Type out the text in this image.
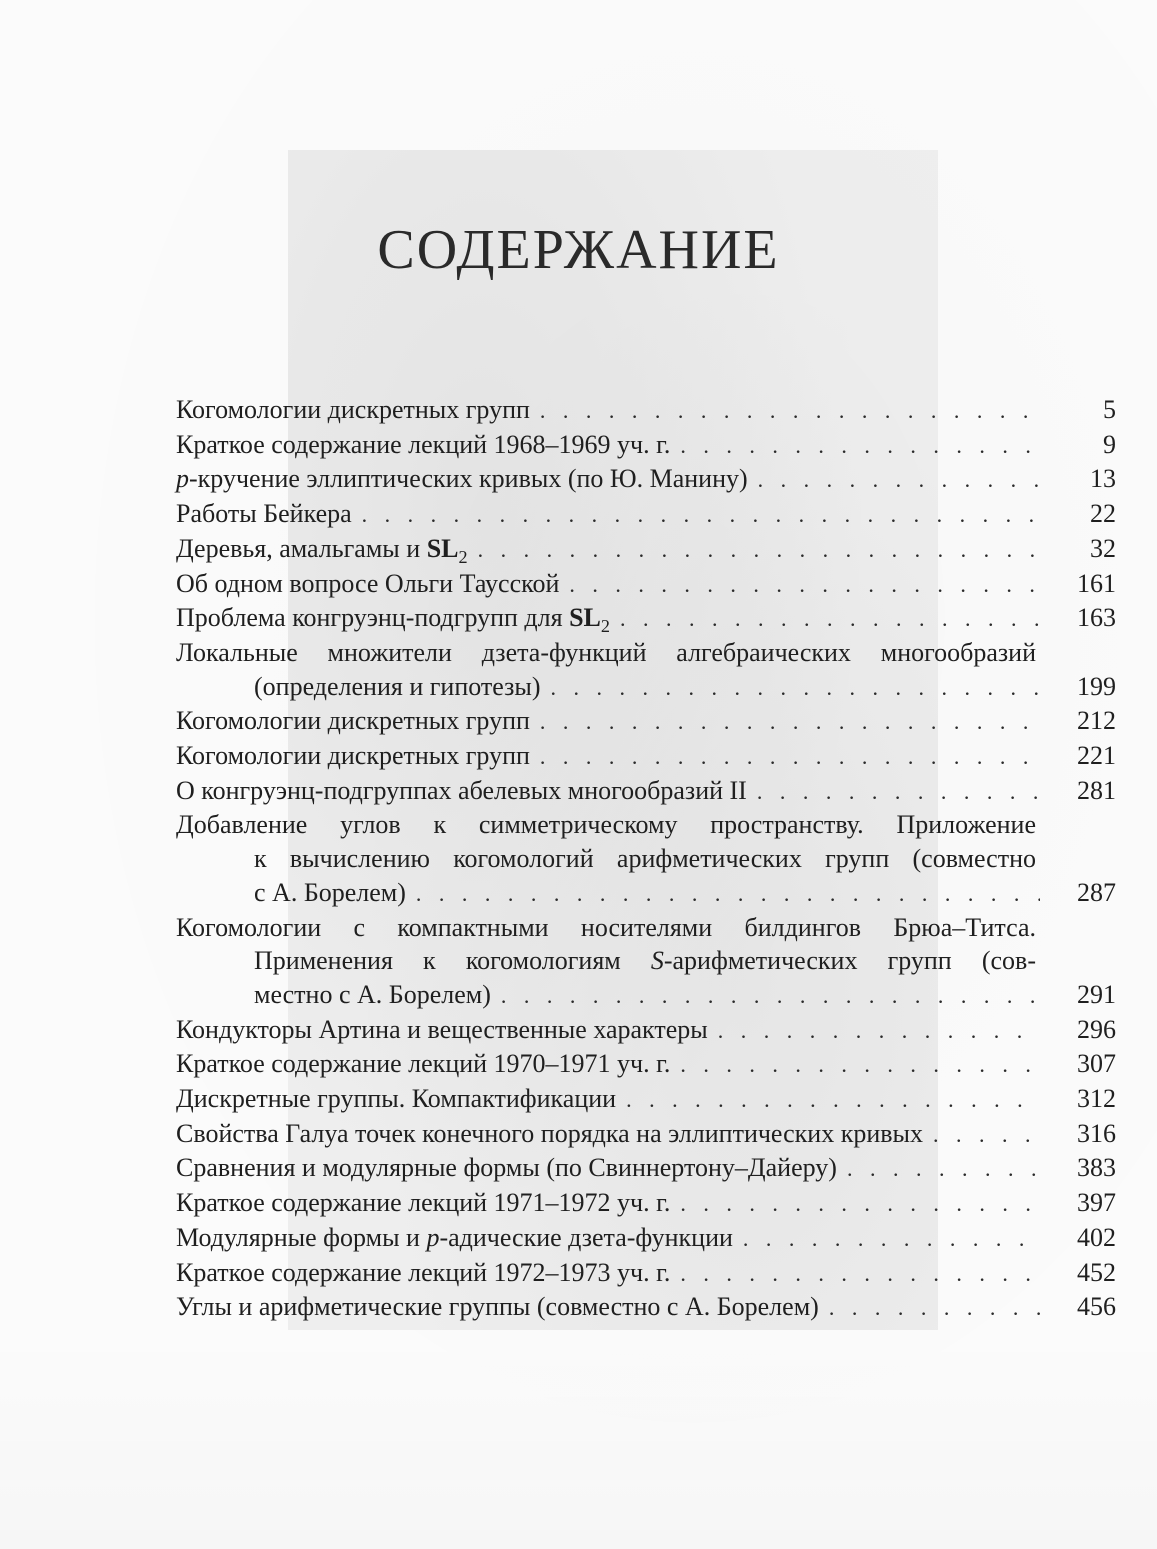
СОДЕРЖАНИЕ
Когомологии дискретных групп . . .	5
Краткое содержание лекций 1968–1969 уч. г. . . .	9
p-кручение эллиптических кривых (по Ю. Манину) . . .	13
Работы Бейкера . . .	22
Деревья, амальгамы и $SL_2$ . . .	32
Об одном вопросе Ольги Таусской . . .	161
Проблема конгруэнц-подгрупп для $SL_2$ . . .	163
Локальные множители дзета-функций алгебраических многообразий
(определения и гипотезы) . . .	199
Когомологии дискретных групп . . .	212
Когомологии дискретных групп . . .	221
О конгруэнц-подгруппах абелевых многообразий II . . .	281
Добавление углов к симметрическому пространству. Приложение
к вычислению когомологий арифметических групп (совместно
с А. Борелем) . . .	287
Когомологии с компактными носителями билдингов Брюа–Титса.
Применения к когомологиям S-арифметических групп (сов-
местно с А. Борелем) . . .	291
Кондукторы Артина и вещественные характеры . . .	296
Краткое содержание лекций 1970–1971 уч. г. . . .	307
Дискретные группы. Компактификации . . .	312
Свойства Галуа точек конечного порядка на эллиптических кривых . . .	316
Сравнения и модулярные формы (по Свиннертону–Дайеру) . . .	383
Краткое содержание лекций 1971–1972 уч. г. . . .	397
Модулярные формы и p-адические дзета-функции . . .	402
Краткое содержание лекций 1972–1973 уч. г. . . .	452
Углы и арифметические группы (совместно с А. Борелем) . . .	456
